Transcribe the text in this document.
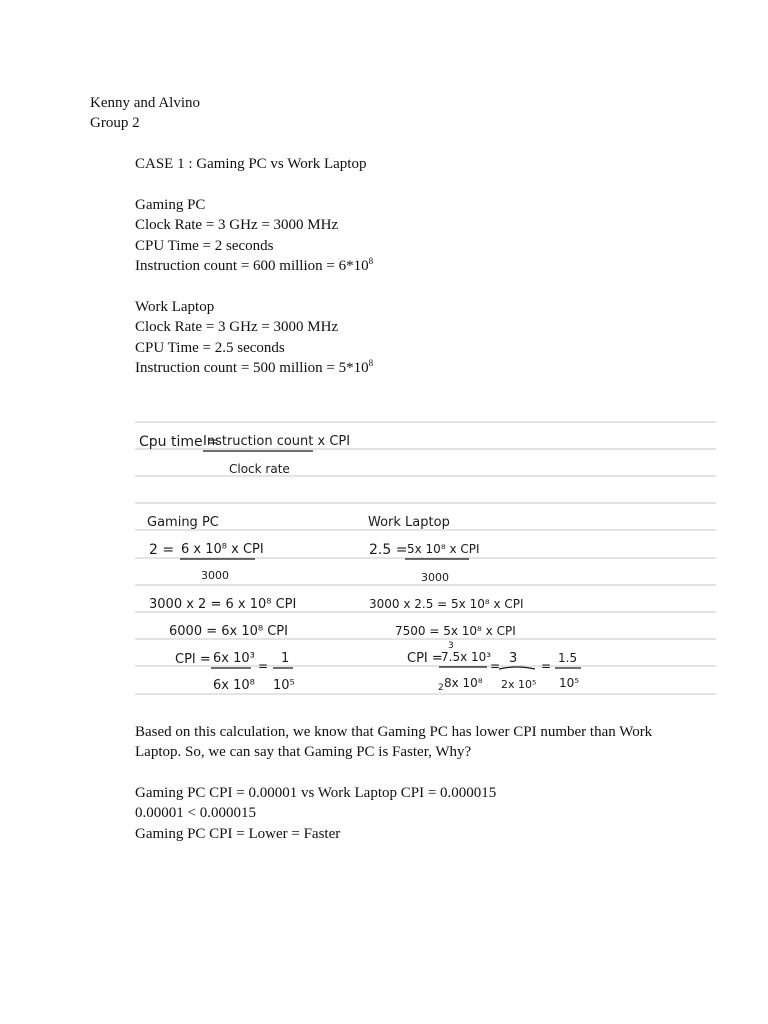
Kenny and Alvino
Group 2
CASE 1 : Gaming PC vs Work Laptop
Gaming PC
Clock Rate = 3 GHz = 3000 MHz
CPU Time = 2 seconds
Instruction count = 600 million = $6*10^8$
Work Laptop
Clock Rate = 3 GHz = 3000 MHz
CPU Time = 2.5 seconds
Instruction count = 500 million = $5*10^8$
Cpu time =
Instruction count x CPI
Clock rate
Gaming PC
2 = 6 x 10⁸ x CPI
3000
3000 x 2 = 6 x 10⁸ CPI
6000 = 6x 10⁸ CPI
CPI = 6x 10³
6x 10⁸
= 1
10⁵
Work Laptop
2.5 = 5x 10⁸ x CPI
3000
3000 x 2.5 = 5x 10⁸ x CPI
7500 = 5x 10⁸ x CPI
CPI =
3
7.5x 10³
2 8x 10⁸
= 3
2x 10⁵
=
1.5
10⁵
Based on this calculation, we know that Gaming PC has lower CPI number than Work
Laptop. So, we can say that Gaming PC is Faster, Why?
Gaming PC CPI = 0.00001 vs Work Laptop CPI = 0.000015
0.00001 < 0.000015
Gaming PC CPI = Lower = Faster
